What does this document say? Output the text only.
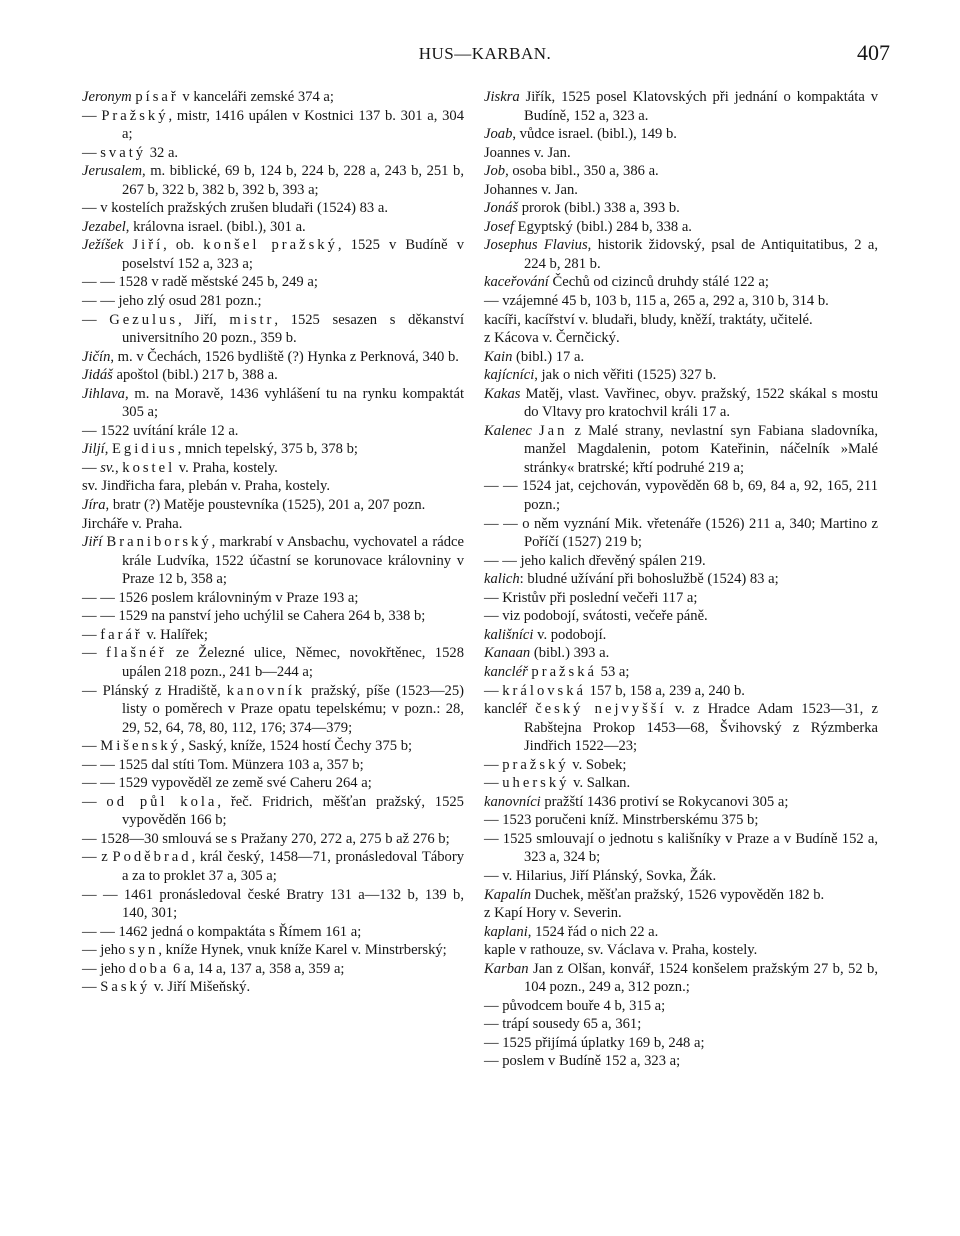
HUS—KARBAN.	407
Jeronym písař v kanceláři zemské 374 a;
— Pražský, mistr, 1416 upálen v Kostnici 137 b. 301 a, 304 a;
— svatý 32 a.
Jerusalem, m. biblické, 69 b, 124 b, 224 b, 228 a, 243 b, 251 b, 267 b, 322 b, 382 b, 392 b, 393 a;
— v kostelích pražských zrušen bludaři (1524) 83 a.
Jezabel, královna israel. (bibl.), 301 a.
Ježíšek Jiří, ob. konšel pražský, 1525 v Budíně v poselství 152 a, 323 a;
— — 1528 v radě městské 245 b, 249 a;
— — jeho zlý osud 281 pozn.;
— Gezulus, Jiří, mistr, 1525 sesazen s děkanství universitního 20 pozn., 359 b.
Jičín, m. v Čechách, 1526 bydliště (?) Hynka z Perknová, 340 b.
Jidáš apoštol (bibl.) 217 b, 388 a.
Jihlava, m. na Moravě, 1436 vyhlášení tu na rynku kompaktát 305 a;
— 1522 uvítání krále 12 a.
Jiljí, Egidius, mnich tepelský, 375 b, 378 b;
— sv., kostel v. Praha, kostely.
sv. Jindřicha fara, plebán v. Praha, kostely.
Jíra, bratr (?) Matěje poustevníka (1525), 201 a, 207 pozn.
Jircháře v. Praha.
Jiří Braniborský, markrabí v Ansbachu, vychovatel a rádce krále Ludvíka, 1522 účastní se korunovace královniny v Praze 12 b, 358 a;
— — 1526 poslem královniným v Praze 193 a;
— — 1529 na panství jeho uchýlil se Cahera 264 b, 338 b;
— farář v. Halířek;
— flašnéř ze Železné ulice, Němec, novokřtěnec, 1528 upálen 218 pozn., 241 b—244 a;
— Plánský z Hradiště, kanovník pražský, píše (1523—25) listy o poměrech v Praze opatu tepelskému; v pozn.: 28, 29, 52, 64, 78, 80, 112, 176; 374—379;
— Mišenský, Saský, kníže, 1524 hostí Čechy 375 b;
— — 1525 dal stíti Tom. Münzera 103 a, 357 b;
— — 1529 vypověděl ze země své Caheru 264 a;
— od půl kola, řeč. Fridrich, měšťan pražský, 1525 vypověděn 166 b;
— 1528—30 smlouvá se s Pražany 270, 272 a, 275 b až 276 b;
— z Poděbrad, král český, 1458—71, pronásledoval Tábory a za to proklet 37 a, 305 a;
— — 1461 pronásledoval české Bratry 131 a—132 b, 139 b, 140, 301;
— — 1462 jedná o kompaktáta s Římem 161 a;
— jeho syn, kníže Hynek, vnuk kníže Karel v. Minstrberský;
— jeho doba 6 a, 14 a, 137 a, 358 a, 359 a;
— Saský v. Jiří Mišeňský.
Jiskra Jiřík, 1525 posel Klatovských při jednání o kompaktáta v Budíně, 152 a, 323 a.
Joab, vůdce israel. (bibl.), 149 b.
Joannes v. Jan.
Job, osoba bibl., 350 a, 386 a.
Johannes v. Jan.
Jonáš prorok (bibl.) 338 a, 393 b.
Josef Egyptský (bibl.) 284 b, 338 a.
Josephus Flavius, historik židovský, psal de Antiquitatibus, 2 a, 224 b, 281 b.
kaceřování Čechů od cizinců druhdy stálé 122 a;
— vzájemné 45 b, 103 b, 115 a, 265 a, 292 a, 310 b, 314 b.
kacíři, kacířství v. bludaři, bludy, kněží, traktáty, učitelé.
z Kácova v. Černčický.
Kain (bibl.) 17 a.
kajícníci, jak o nich věřiti (1525) 327 b.
Kakas Matěj, vlast. Vavřinec, obyv. pražský, 1522 skákal s mostu do Vltavy pro kratochvil králi 17 a.
Kalenec Jan z Malé strany, nevlastní syn Fabiana sladovníka, manžel Magdalenin, potom Kateřinin, náčelník »Malé stránky« bratrské; křtí podruhé 219 a;
— — 1524 jat, cejchován, vypověděn 68 b, 69, 84 a, 92, 165, 211 pozn.;
— — o něm vyznání Mik. vřetenáře (1526) 211 a, 340; Martino z Poříčí (1527) 219 b;
— — jeho kalich dřevěný spálen 219.
kalich: bludné užívání při bohoslužbě (1524) 83 a;
— Kristův při poslední večeři 117 a;
— viz podobojí, svátosti, večeře páně.
kališníci v. podobojí.
Kanaan (bibl.) 393 a.
kancléř pražská 53 a;
— královská 157 b, 158 a, 239 a, 240 b.
kancléř český nejvyšší v. z Hradce Adam 1523—31, z Rabštejna Prokop 1453—68, Švihovský z Rýzmberka Jindřich 1522—23;
— pražský v. Sobek;
— uherský v. Salkan.
kanovníci pražští 1436 protiví se Rokycanovi 305 a;
— 1523 poručeni kníž. Minstrberskému 375 b;
— 1525 smlouvají o jednotu s kališníky v Praze a v Budíně 152 a, 323 a, 324 b;
— v. Hilarius, Jiří Plánský, Sovka, Žák.
Kapalín Duchek, měšťan pražský, 1526 vypověděn 182 b.
z Kapí Hory v. Severin.
kaplani, 1524 řád o nich 22 a.
kaple v rathouze, sv. Václava v. Praha, kostely.
Karban Jan z Olšan, konvář, 1524 konšelem pražským 27 b, 52 b, 104 pozn., 249 a, 312 pozn.;
— původcem bouře 4 b, 315 a;
— trápí sousedy 65 a, 361;
— 1525 přijímá úplatky 169 b, 248 a;
— poslem v Budíně 152 a, 323 a;
